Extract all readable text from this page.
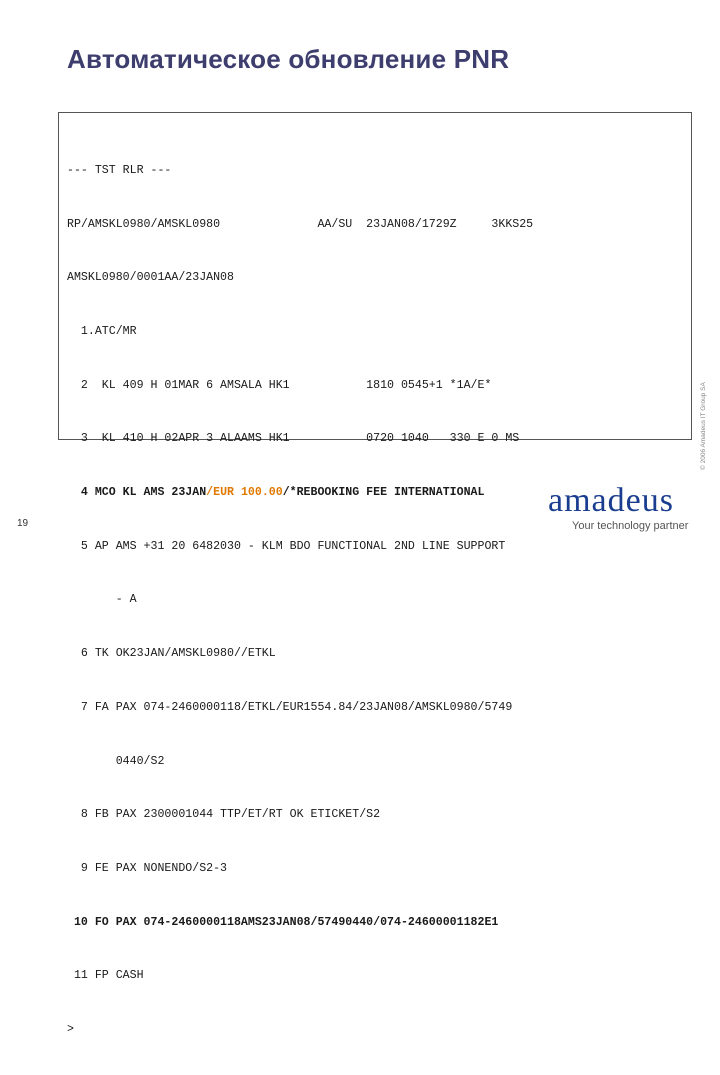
Автоматическое обновление PNR

--- TST RLR ---

RP/AMSKL0980/AMSKL0980              AA/SU  23JAN08/1729Z     3KKS25

AMSKL0980/0001AA/23JAN08

1.ATC/MR

2  KL 409 H 01MAR 6 AMSALA HK1           1810 0545+1 *1A/E*

3  KL 410 H 02APR 3 ALAAMS HK1           0720 1040   330 E 0 MS

4 MCO KL AMS 23JAN/EUR 100.00/*REBOOKING FEE INTERNATIONAL

5 AP AMS +31 20 6482030 - KLM BDO FUNCTIONAL 2ND LINE SUPPORT

- A

6 TK OK23JAN/AMSKL0980//ETKL

7 FA PAX 074-2460000118/ETKL/EUR1554.84/23JAN08/AMSKL0980/5749

0440/S2

8 FB PAX 2300001044 TTP/ET/RT OK ETICKET/S2

9 FE PAX NONENDO/S2-3

10 FO PAX 074-2460000118AMS23JAN08/57490440/074-24600001182E1

11 FP CASH

>

© 2006 Amadeus IT Group SA
19
amadeus
Your technology partner
